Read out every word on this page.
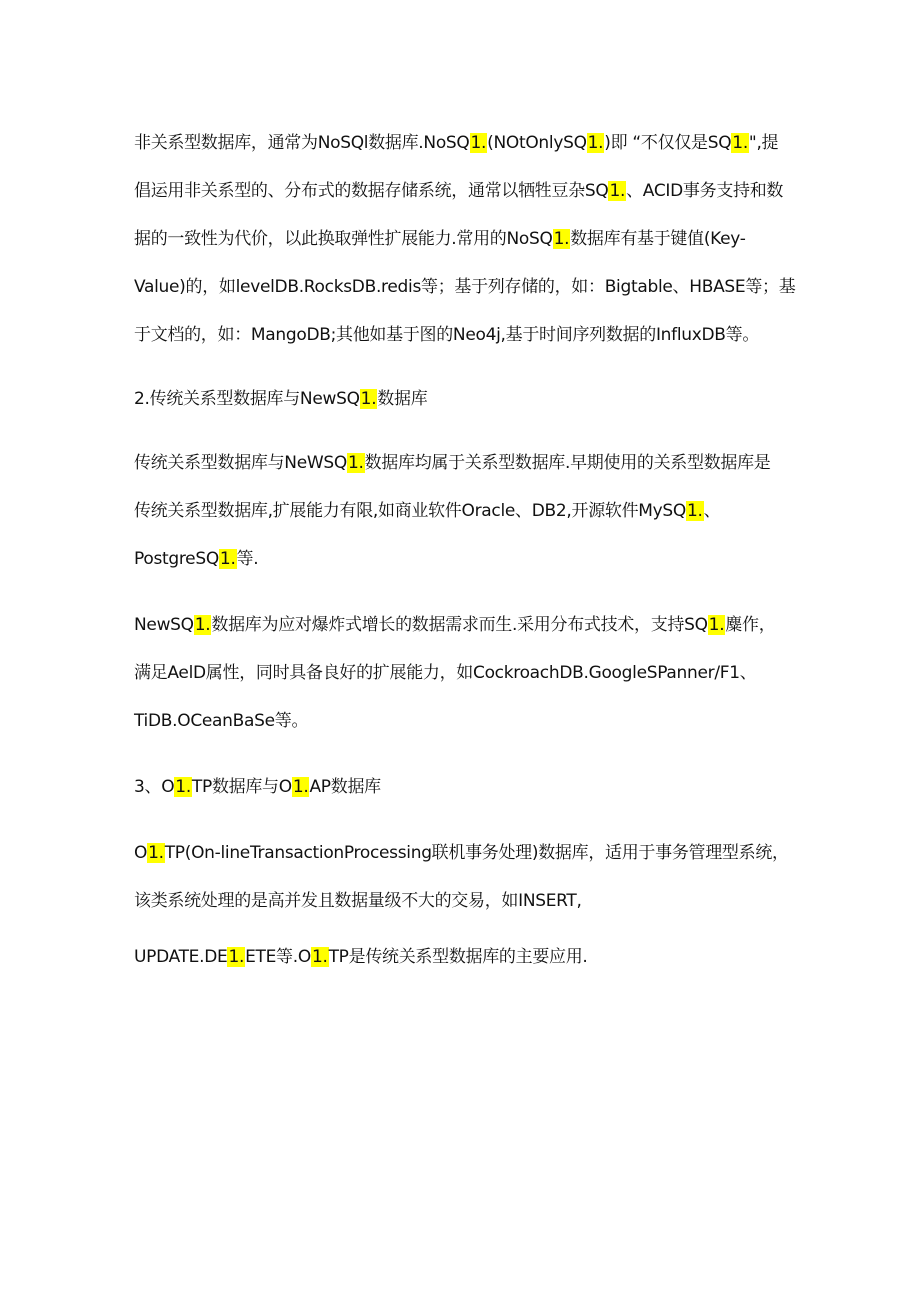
非关系型数据库，通常为NoSQl数据库.NoSQ1.(NOtOnlySQ1.)即 “不仅仅是SQ1.",提
倡运用非关系型的、分布式的数据存储系统，通常以牺牲豆杂SQ1.、ACID事务支持和数
据的一致性为代价，以此换取弹性扩展能力.常用的NoSQ1.数据库有基于键值(Key-
Value)的，如levelDB.RocksDB.redis等；基于列存储的，如：Bigtable、HBASE等；基
于文档的，如：MangoDB;其他如基于图的Neo4j,基于时间序列数据的InfluxDB等。
2.传统关系型数据库与NewSQ1.数据库
传统关系型数据库与NeWSQ1.数据库均属于关系型数据库.早期使用的关系型数据库是
传统关系型数据库,扩展能力有限,如商业软件Oracle、DB2,开源软件MySQ1.、
PostgreSQ1.等.
NewSQ1.数据库为应对爆炸式增长的数据需求而生.采用分布式技术，支持SQ1.麋作，
满足AelD属性，同时具备良好的扩展能力，如CockroachDB.GoogleSPanner/F1、
TiDB.OCeanBaSe等。
3、O1.TP数据库与O1.AP数据库
O1.TP(On-lineTransactionProcessing联机事务处理)数据库，适用于事务管理型系统，
该类系统处理的是高并发且数据量级不大的交易，如INSERT,
UPDATE.DE1.ETE等.O1.TP是传统关系型数据库的主要应用.
